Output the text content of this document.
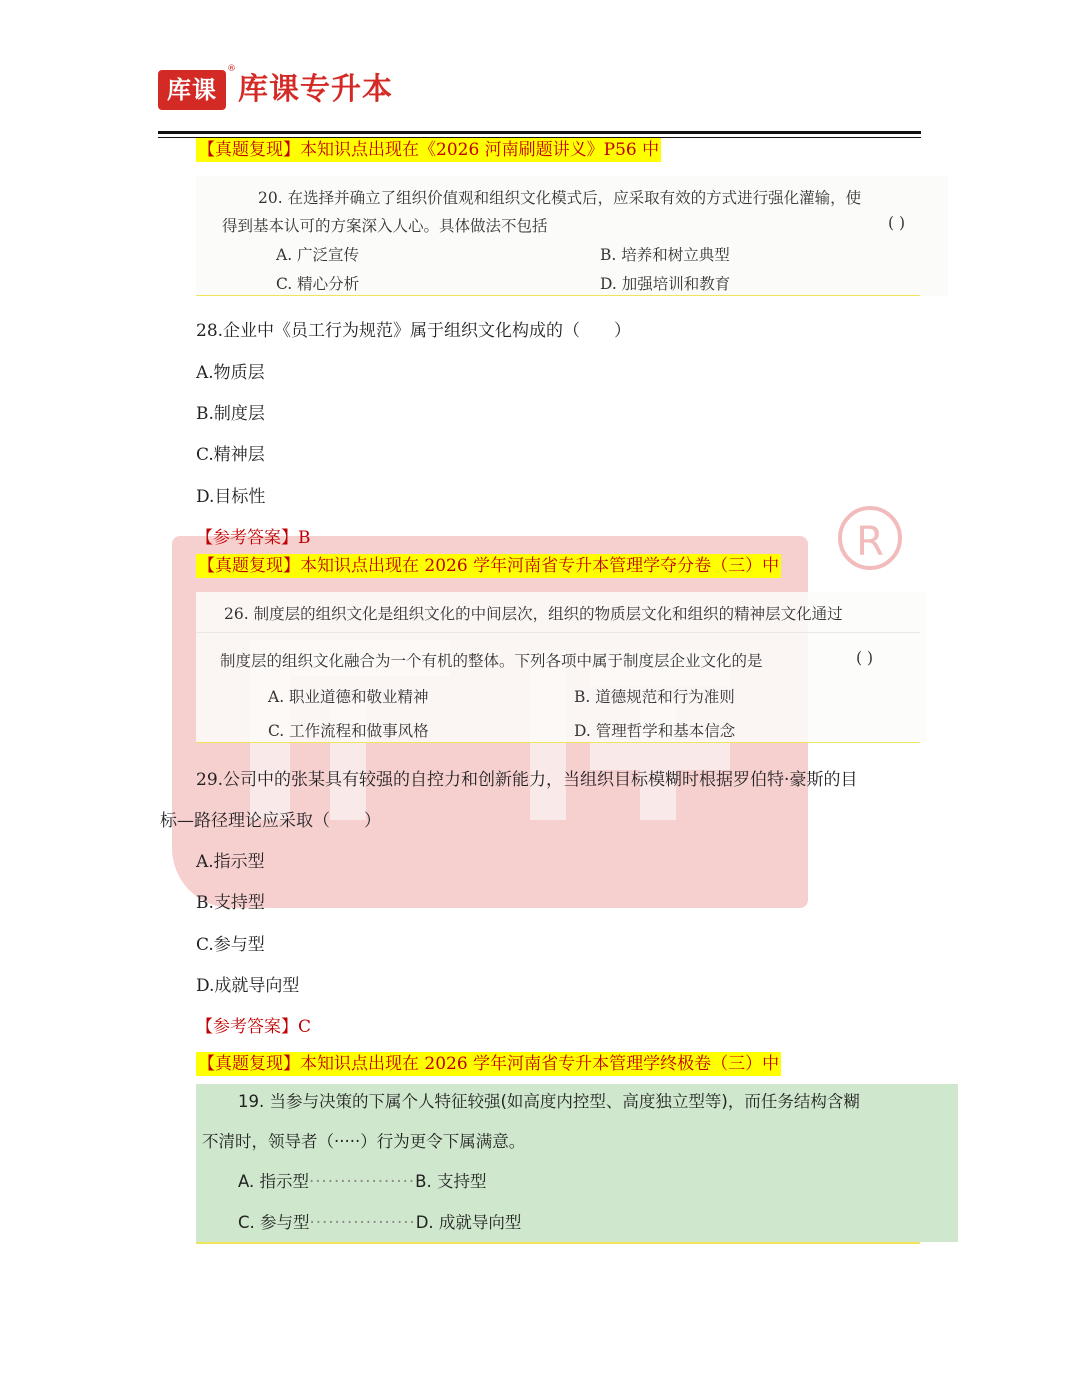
R
库课
®
库课专升本
【真题复现】本知识点出现在《2026 河南刷题讲义》P56 中
20. 在选择并确立了组织价值观和组织文化模式后，应采取有效的方式进行强化灌输，使
得到基本认可的方案深入人心。具体做法不包括	( )
A. 广泛宣传	B. 培养和树立典型
C. 精心分析	D. 加强培训和教育
28.企业中《员工行为规范》属于组织文化构成的（　　）
A.物质层
B.制度层
C.精神层
D.目标性
【参考答案】B
【真题复现】本知识点出现在 2026 学年河南省专升本管理学夺分卷（三）中
26. 制度层的组织文化是组织文化的中间层次，组织的物质层文化和组织的精神层文化通过
制度层的组织文化融合为一个有机的整体。下列各项中属于制度层企业文化的是	( )
A. 职业道德和敬业精神	B. 道德规范和行为准则
C. 工作流程和做事风格	D. 管理哲学和基本信念
29.公司中的张某具有较强的自控力和创新能力，当组织目标模糊时根据罗伯特·豪斯的目
标—路径理论应采取（　　）
A.指示型
B.支持型
C.参与型
D.成就导向型
【参考答案】C
【真题复现】本知识点出现在 2026 学年河南省专升本管理学终极卷（三）中
19. 当参与决策的下属个人特征较强(如高度内控型、高度独立型等)，而任务结构含糊
不清时，领导者（·····）行为更令下属满意。
A. 指示型·················B. 支持型
C. 参与型·················D. 成就导向型
